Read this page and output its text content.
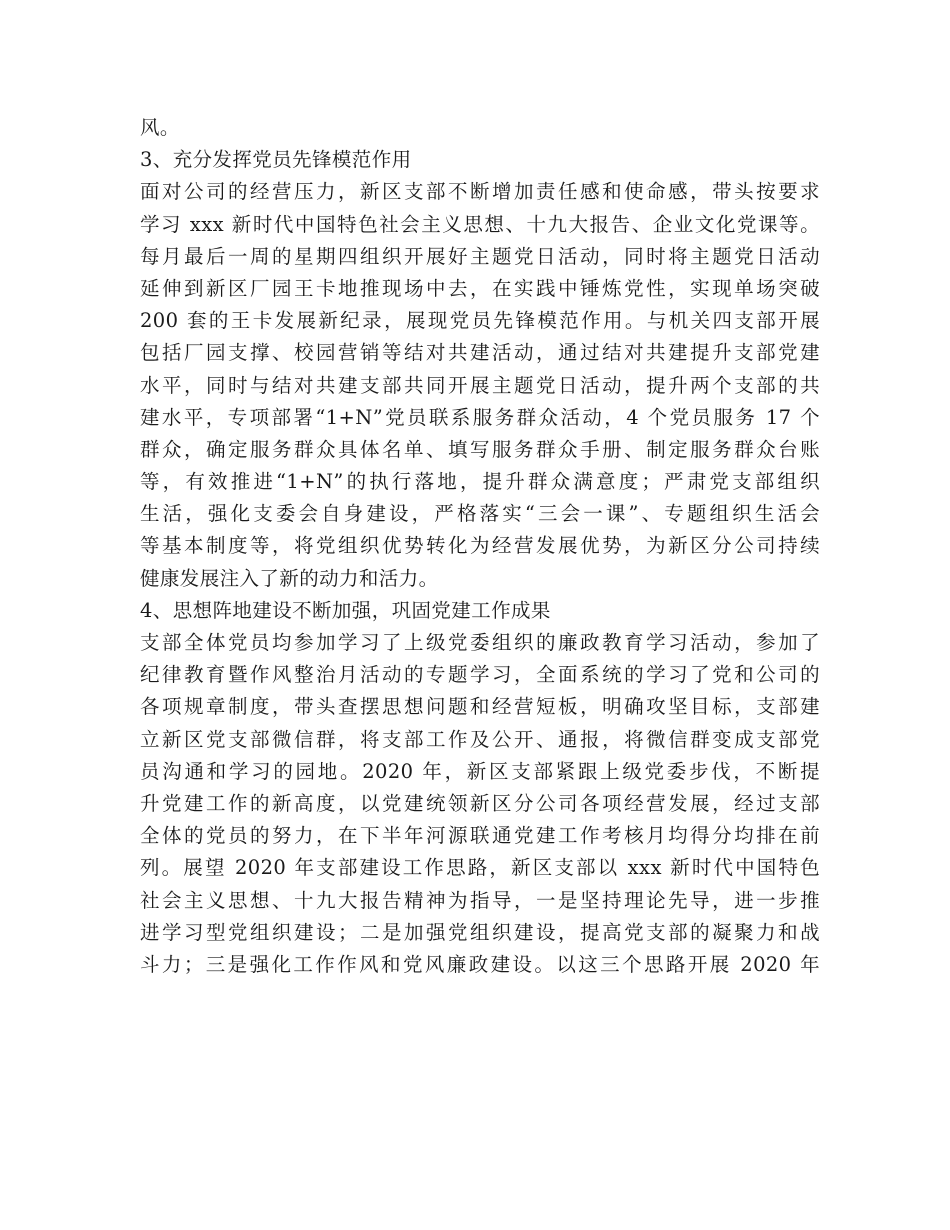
风。
3、充分发挥党员先锋模范作用
面对公司的经营压力，新区支部不断增加责任感和使命感，带头按要求
学习 xxx 新时代中国特色社会主义思想、十九大报告、企业文化党课等。
每月最后一周的星期四组织开展好主题党日活动，同时将主题党日活动
延伸到新区厂园王卡地推现场中去，在实践中锤炼党性，实现单场突破
200 套的王卡发展新纪录，展现党员先锋模范作用。与机关四支部开展
包括厂园支撑、校园营销等结对共建活动，通过结对共建提升支部党建
水平，同时与结对共建支部共同开展主题党日活动，提升两个支部的共
建水平，专项部署“1+N”党员联系服务群众活动，4 个党员服务 17 个
群众，确定服务群众具体名单、填写服务群众手册、制定服务群众台账
等，有效推进“1+N”的执行落地，提升群众满意度；严肃党支部组织
生活，强化支委会自身建设，严格落实“三会一课”、专题组织生活会
等基本制度等，将党组织优势转化为经营发展优势，为新区分公司持续
健康发展注入了新的动力和活力。
4、思想阵地建设不断加强，巩固党建工作成果
支部全体党员均参加学习了上级党委组织的廉政教育学习活动，参加了
纪律教育暨作风整治月活动的专题学习，全面系统的学习了党和公司的
各项规章制度，带头查摆思想问题和经营短板，明确攻坚目标，支部建
立新区党支部微信群，将支部工作及公开、通报，将微信群变成支部党
员沟通和学习的园地。2020 年，新区支部紧跟上级党委步伐，不断提
升党建工作的新高度，以党建统领新区分公司各项经营发展，经过支部
全体的党员的努力，在下半年河源联通党建工作考核月均得分均排在前
列。展望 2020 年支部建设工作思路，新区支部以 xxx 新时代中国特色
社会主义思想、十九大报告精神为指导，一是坚持理论先导，进一步推
进学习型党组织建设；二是加强党组织建设，提高党支部的凝聚力和战
斗力；三是强化工作作风和党风廉政建设。以这三个思路开展 2020 年
